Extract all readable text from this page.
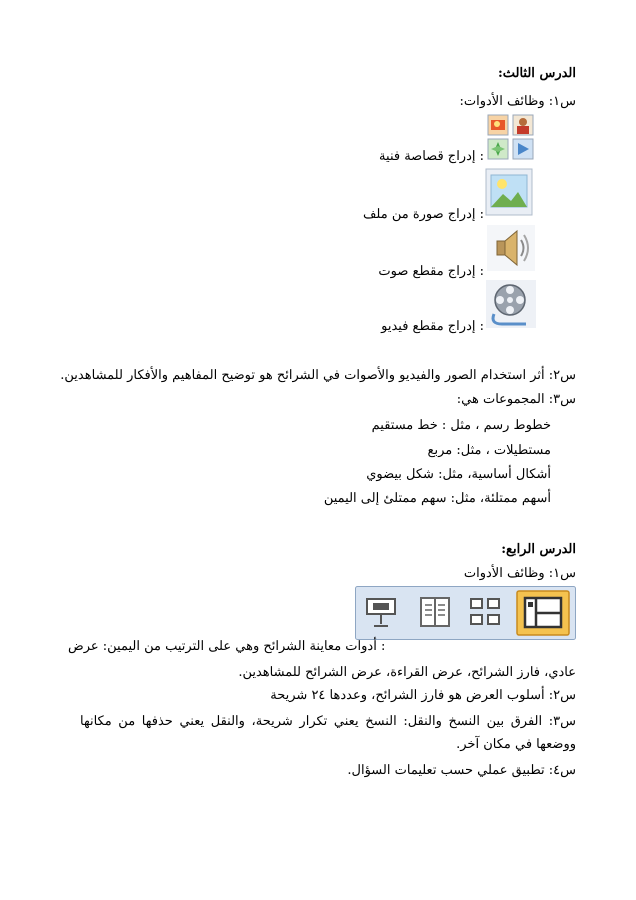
الدرس الثالث:
س١: وظائف الأدوات:
: إدراج قصاصة فنية
: إدراج صورة من ملف
: إدراج مقطع صوت
: إدراج مقطع فيديو
س٢: أثر استخدام الصور والفيديو والأصوات في الشرائح هو توضيح المفاهيم والأفكار للمشاهدين.
س٣: المجموعات هي:
خطوط رسم ، مثل : خط مستقيم
مستطيلات ، مثل: مربع
أشكال أساسية، مثل: شكل بيضوي
أسهم ممتلئة، مثل: سهم ممتلئ إلى اليمين
الدرس الرابع:
س١: وظائف الأدوات
: أدوات معاينة الشرائح وهي على الترتيب من اليمين: عرض
عادي، فارز الشرائح، عرض القراءة، عرض الشرائح للمشاهدين.
س٢: أسلوب العرض هو فارز الشرائح، وعددها ٢٤ شريحة
س٣: الفرق بين النسخ والنقل: النسخ يعني تكرار شريحة، والنقل يعني حذفها من مكانها ووضعها في مكان آخر.
س٤: تطبيق عملي حسب تعليمات السؤال.
